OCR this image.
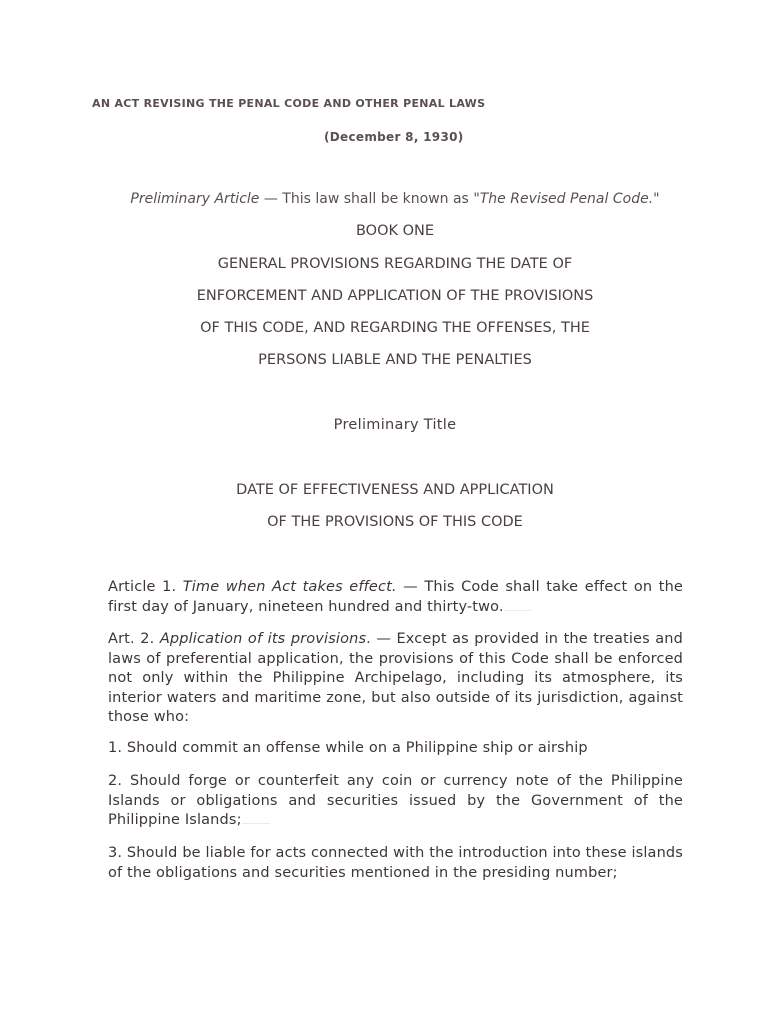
AN ACT REVISING THE PENAL CODE AND OTHER PENAL LAWS
(December 8, 1930)
Preliminary Article — This law shall be known as "The Revised Penal Code."
BOOK ONE
GENERAL PROVISIONS REGARDING THE DATE OF
ENFORCEMENT AND APPLICATION OF THE PROVISIONS
OF THIS CODE, AND REGARDING THE OFFENSES, THE
PERSONS LIABLE AND THE PENALTIES
Preliminary Title
DATE OF EFFECTIVENESS AND APPLICATION
OF THE PROVISIONS OF THIS CODE
Article 1. Time when Act takes effect. — This Code shall take effect on the first day of January, nineteen hundred and thirty-two.
Art. 2. Application of its provisions. — Except as provided in the treaties and laws of preferential application, the provisions of this Code shall be enforced not only within the Philippine Archipelago, including its atmosphere, its interior waters and maritime zone, but also outside of its jurisdiction, against those who:
1. Should commit an offense while on a Philippine ship or airship
2. Should forge or counterfeit any coin or currency note of the Philippine Islands or obligations and securities issued by the Government of the Philippine Islands;
3. Should be liable for acts connected with the introduction into these islands of the obligations and securities mentioned in the presiding number;
